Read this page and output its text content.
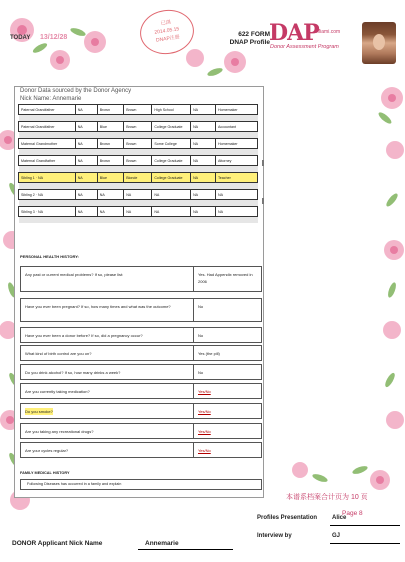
TODAY 13/12/28
已浏
2014.05.15
DNAP注册	622 FORM
DNAP Profile DAP
Miami.com
Donor Assessment Program
Donor Data sourced by the Donor Agency
Nick Name: Annemarie
Paternal Grandfather	NA	Brown	Brown	High School	NA	Homemaker

Paternal Grandfather	NA	Blue	Brown	College Graduate	NA	Accountant

Maternal Grandmother	NA	Brown	Brown	Some College	NA	Homemaker

Maternal Grandfather	NA	Brown	Brown	College Graduate	NA	Attorney

Sibling 1 · NA	NA	Blue	Blonde	College Graduate	NA	Teacher

Sibling 2 · NA	NA	NA	NA	NA	NA	NA

Sibling 3 · NA	NA	NA	NA	NA	NA	NA

PERSONAL HEALTH HISTORY:
Any past or current medical problems? If so, please list:	Yes. Had Appendix removed in 2006
Have you ever been pregnant? If so, how many times and what was the outcome?	No
Have you ever been a donor before? If so, did a pregnancy occur?	No
What kind of birth control are you on?	Yes (the pill)
Do you drink alcohol? If so, how many drinks a week?	No
Are you currently taking medication?	Yes/No
Do you smoke?	Yes/No
Are you taking any recreational drugs?	Yes/No
Are your cycles regular?	Yes/No
FAMILY MEDICAL HISTORY
Following Diseases has occurred in a family and explain
本谱系档案合计页为 10 页
Page 8
Profiles Presentation Alice
Interview by	GJ
DONOR Applicant Nick Name	Annemarie
